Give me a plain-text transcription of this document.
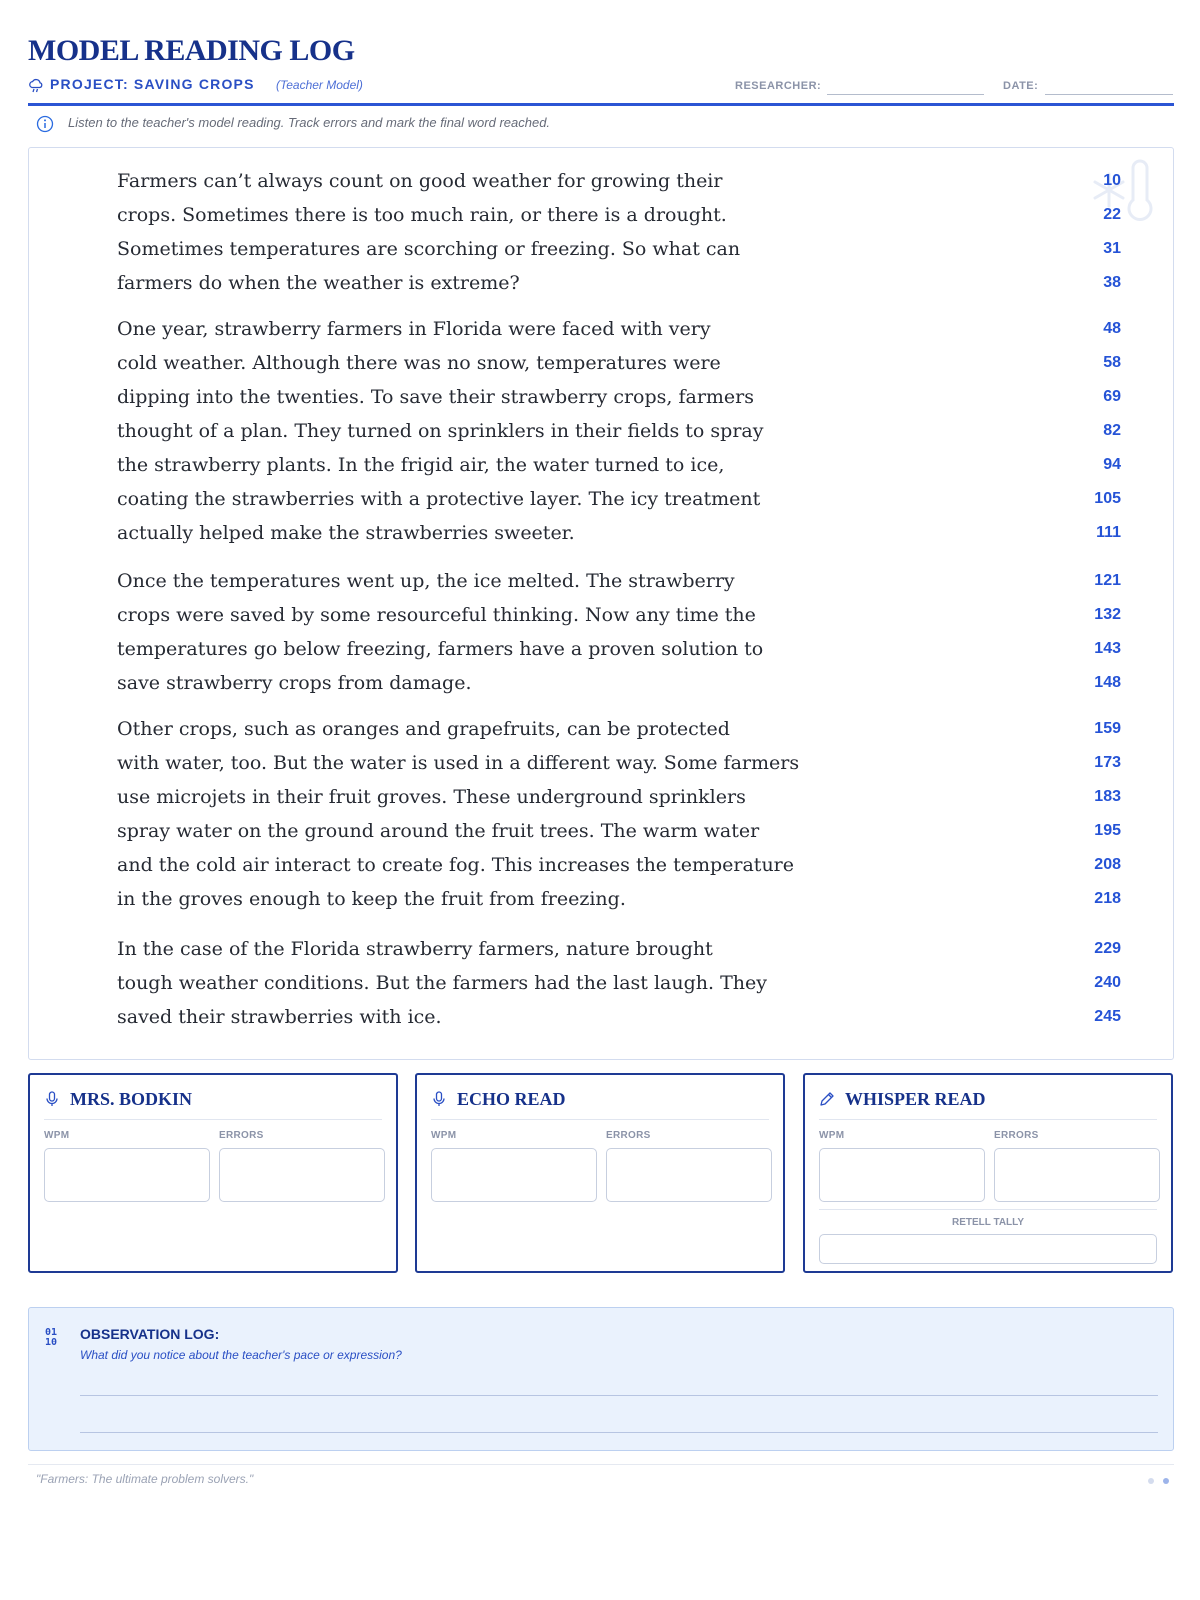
MODEL READING LOG
PROJECT: SAVING CROPS (Teacher Model)	RESEARCHER:	DATE:
Listen to the teacher's model reading. Track errors and mark the final word reached.
Farmers can’t always count on good weather for growing their	10
crops. Sometimes there is too much rain, or there is a drought.	22
Sometimes temperatures are scorching or freezing. So what can	31
farmers do when the weather is extreme?	38
One year, strawberry farmers in Florida were faced with very	48
cold weather. Although there was no snow, temperatures were	58
dipping into the twenties. To save their strawberry crops, farmers	69
thought of a plan. They turned on sprinklers in their fields to spray	82
the strawberry plants. In the frigid air, the water turned to ice,	94
coating the strawberries with a protective layer. The icy treatment	105
actually helped make the strawberries sweeter.	111
Once the temperatures went up, the ice melted. The strawberry	121
crops were saved by some resourceful thinking. Now any time the	132
temperatures go below freezing, farmers have a proven solution to	143
save strawberry crops from damage.	148
Other crops, such as oranges and grapefruits, can be protected	159
with water, too. But the water is used in a different way. Some farmers	173
use microjets in their fruit groves. These underground sprinklers	183
spray water on the ground around the fruit trees. The warm water	195
and the cold air interact to create fog. This increases the temperature	208
in the groves enough to keep the fruit from freezing.	218
In the case of the Florida strawberry farmers, nature brought	229
tough weather conditions. But the farmers had the last laugh. They	240
saved their strawberries with ice.	245
MRS. BODKIN
WPM	ERRORS
ECHO READ
WPM	ERRORS
WHISPER READ
WPM	ERRORS
RETELL TALLY
01
10
OBSERVATION LOG:
What did you notice about the teacher's pace or expression?
"Farmers: The ultimate problem solvers."
